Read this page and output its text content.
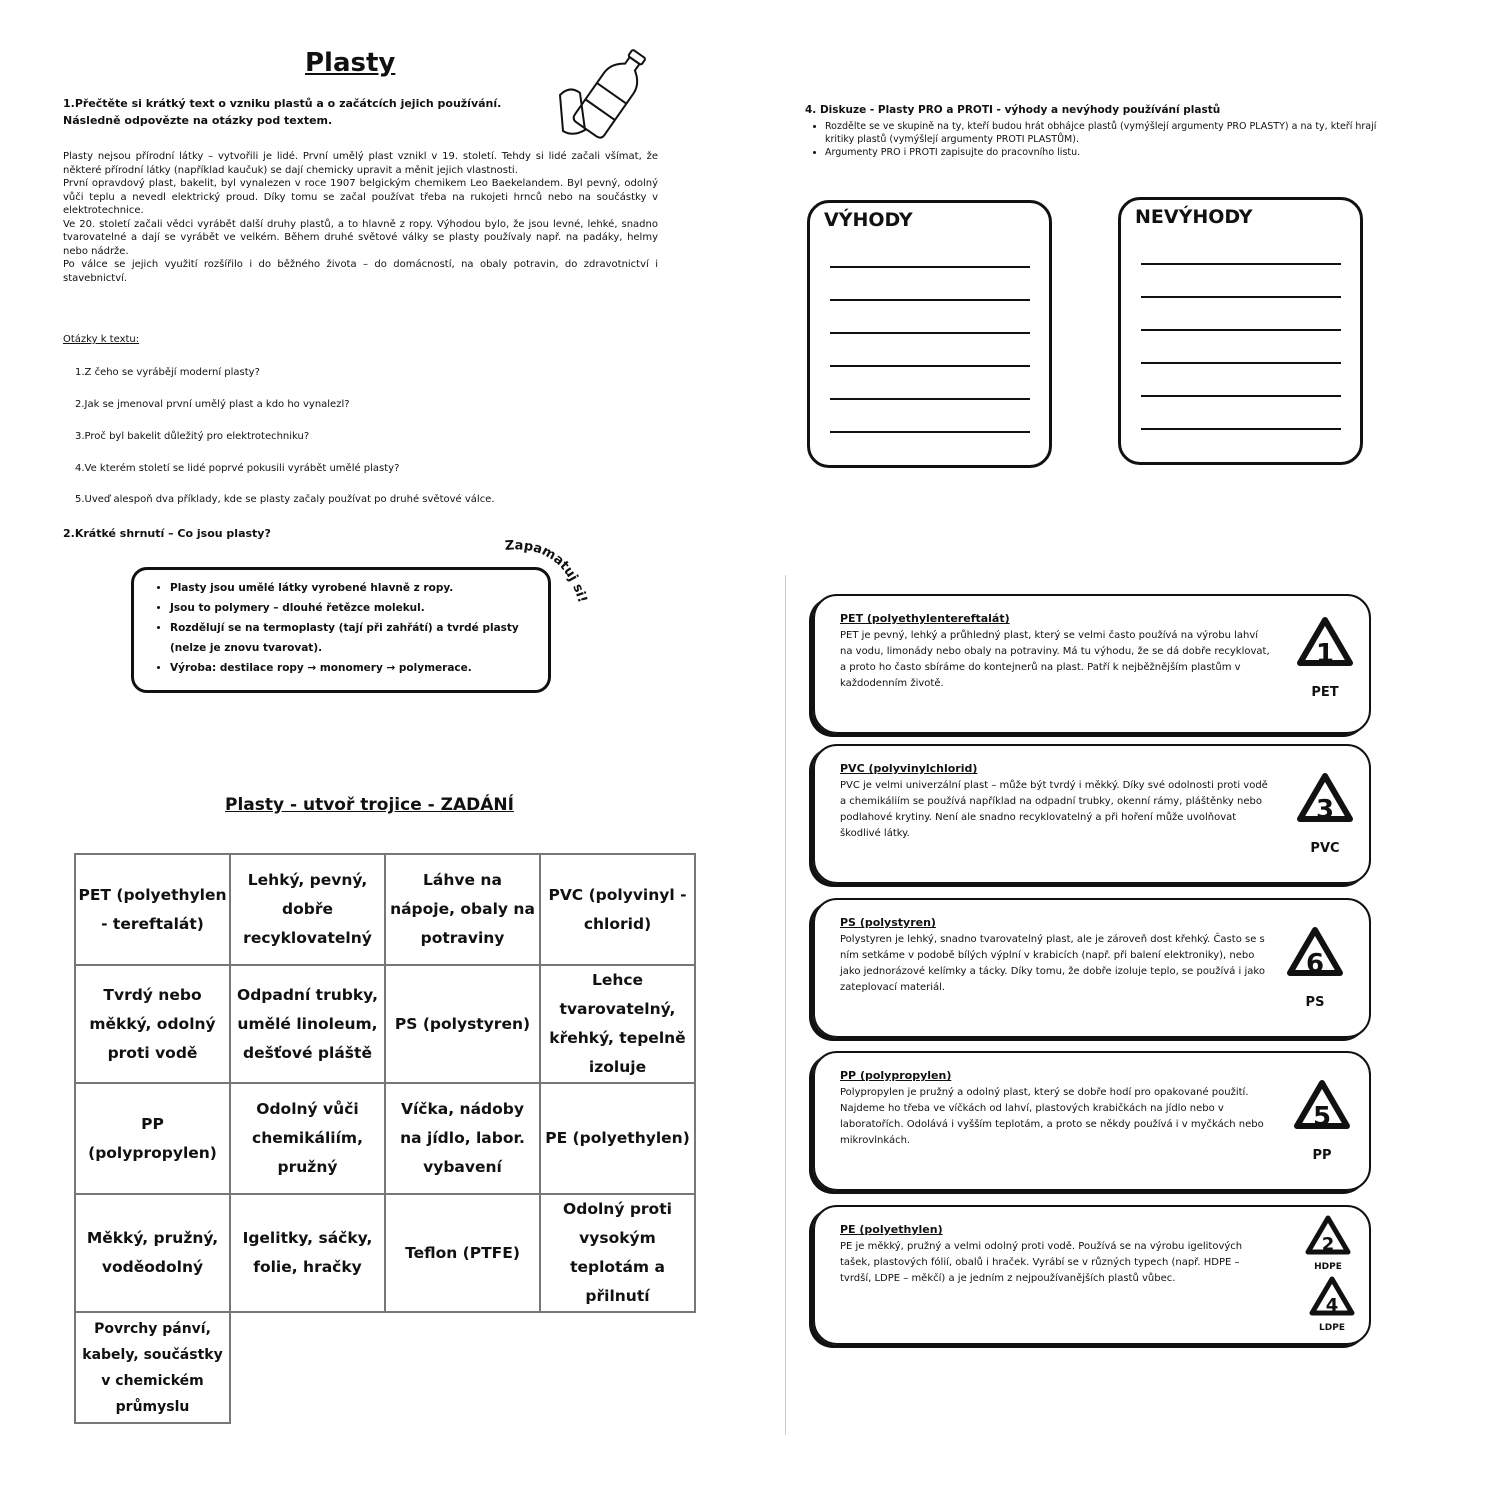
Plasty
1.Přečtěte si krátký text o vzniku plastů a o začátcích jejich používání.
Následně odpovězte na otázky pod textem.

Plasty nejsou přírodní látky – vytvořili je lidé. První umělý plast vznikl v 19. století. Tehdy si lidé začali všímat, že některé přírodní látky (například kaučuk) se dají chemicky upravit a měnit jejich vlastnosti.

První opravdový plast, bakelit, byl vynalezen v roce 1907 belgickým chemikem Leo Baekelandem. Byl pevný, odolný vůči teplu a nevedl elektrický proud. Díky tomu se začal používat třeba na rukojeti hrnců nebo na součástky v elektrotechnice.

Ve 20. století začali vědci vyrábět další druhy plastů, a to hlavně z ropy. Výhodou bylo, že jsou levné, lehké, snadno tvarovatelné a dají se vyrábět ve velkém. Během druhé světové války se plasty používaly např. na padáky, helmy nebo nádrže.

Po válce se jejich využití rozšířilo i do běžného života – do domácností, na obaly potravin, do zdravotnictví i stavebnictví.

Otázky k textu:
1.Z čeho se vyrábějí moderní plasty?
2.Jak se jmenoval první umělý plast a kdo ho vynalezl?
3.Proč byl bakelit důležitý pro elektrotechniku?
4.Ve kterém století se lidé poprvé pokusili vyrábět umělé plasty?
5.Uveď alespoň dva příklady, kde se plasty začaly používat po druhé světové válce.
2.Krátké shrnutí – Co jsou plasty?
Zapamatuj si!
• Plasty jsou umělé látky vyrobené hlavně z ropy.
• Jsou to polymery – dlouhé řetězce molekul.
• Rozdělují se na termoplasty (tají při zahřátí) a tvrdé plasty (nelze je znovu tvarovat).
• Výroba: destilace ropy → monomery → polymerace.
Plasty - utvoř trojice - ZADÁNÍ
PET (polyethylen - tereftalát)	Lehký, pevný, dobře recyklovatelný	Láhve na nápoje, obaly na potraviny	PVC (polyvinyl - chlorid)
Tvrdý nebo měkký, odolný proti vodě	Odpadní trubky, umělé linoleum, dešťové pláště	PS (polystyren)	Lehce tvarovatelný, křehký, tepelně izoluje
PP (polypropylen)	Odolný vůči chemikáliím, pružný	Víčka, nádoby na jídlo, labor. vybavení	PE (polyethylen)
Měkký, pružný, voděodolný	Igelitky, sáčky, folie, hračky	Teflon (PTFE)	Odolný proti vysokým teplotám a přilnutí
Povrchy pánví, kabely, součástky v chemickém průmyslu			
4. Diskuze - Plasty PRO a PROTI - výhody a nevýhody používání plastů
• Rozdělte se ve skupině na ty, kteří budou hrát obhájce plastů (vymýšlejí argumenty PRO PLASTY) a na ty, kteří hrají kritiky plastů (vymýšlejí argumenty PROTI PLASTŮM).
• Argumenty PRO i PROTI zapisujte do pracovního listu.
VÝHODY	NEVÝHODY
PET (polyethylentereftalát)
PET je pevný, lehký a průhledný plast, který se velmi často používá na výrobu lahví na vodu, limonády nebo obaly na potraviny. Má tu výhodu, že se dá dobře recyklovat, a proto ho často sbíráme do kontejnerů na plast. Patří k nejběžnějším plastům v každodenním životě.
1
PET
PVC (polyvinylchlorid)
PVC je velmi univerzální plast – může být tvrdý i měkký. Díky své odolnosti proti vodě a chemikáliím se používá například na odpadní trubky, okenní rámy, pláštěnky nebo podlahové krytiny. Není ale snadno recyklovatelný a při hoření může uvolňovat škodlivé látky.
3
PVC
PS (polystyren)
Polystyren je lehký, snadno tvarovatelný plast, ale je zároveň dost křehký. Často se s ním setkáme v podobě bílých výplní v krabicích (např. při balení elektroniky), nebo jako jednorázové kelímky a tácky. Díky tomu, že dobře izoluje teplo, se používá i jako zateplovací materiál.
6
PS
PP (polypropylen)
Polypropylen je pružný a odolný plast, který se dobře hodí pro opakované použití. Najdeme ho třeba ve víčkách od lahví, plastových krabičkách na jídlo nebo v laboratořích. Odolává i vyšším teplotám, a proto se někdy používá i v myčkách nebo mikrovlnkách.
5
PP
PE (polyethylen)
PE je měkký, pružný a velmi odolný proti vodě. Používá se na výrobu igelitových tašek, plastových fólií, obalů i hraček. Vyrábí se v různých typech (např. HDPE – tvrdší, LDPE – měkčí) a je jedním z nejpoužívanějších plastů vůbec.
2
HDPE
4
LDPE
